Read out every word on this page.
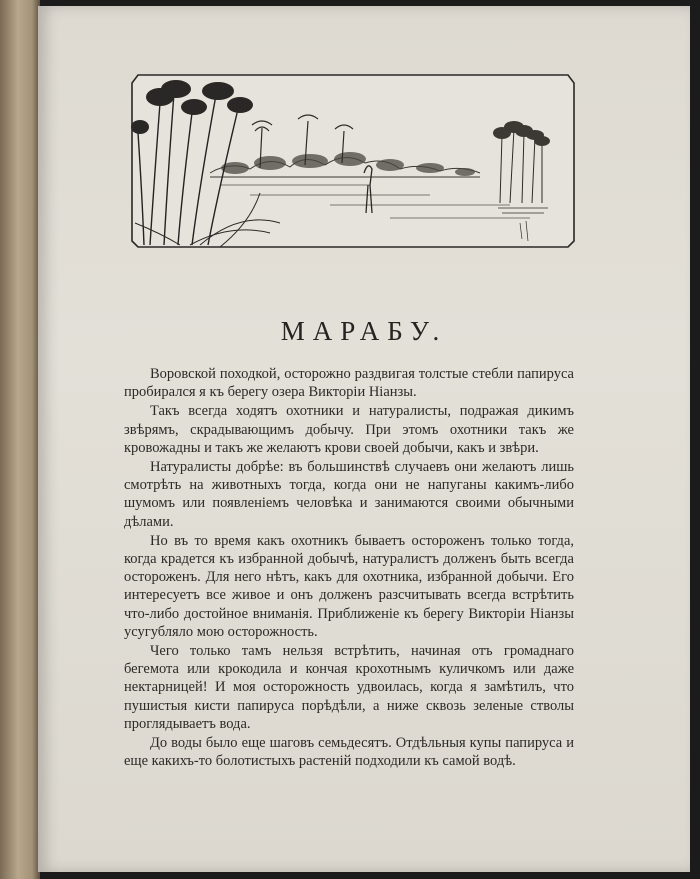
МАРАБУ.

Воровской походкой, осторожно раздвигая толстые стебли папируса пробирался я къ берегу озера Викторіи Ніанзы.

Такъ всегда ходятъ охотники и натуралисты, подражая дикимъ звѣрямъ, скрадывающимъ добычу. При этомъ охотники такъ же кровожадны и такъ же желаютъ крови своей добычи, какъ и звѣри.

Натуралисты добрѣе: въ большинствѣ случаевъ они желаютъ лишь смотрѣть на животныхъ тогда, когда они не напуганы какимъ-либо шумомъ или появленіемъ человѣка и занимаются своими обычными дѣлами.

Но въ то время какъ охотникъ бываетъ остороженъ только тогда, когда крадется къ избранной добычѣ, натуралистъ долженъ быть всегда остороженъ. Для него нѣтъ, какъ для охотника, избранной добычи. Его интересуетъ все живое и онъ долженъ разсчитывать всегда встрѣтить что-либо достойное вниманія. Приближеніе къ берегу Викторіи Ніанзы усугубляло мою осторожность.

Чего только тамъ нельзя встрѣтить, начиная отъ громаднаго бегемота или крокодила и кончая крохотнымъ куличкомъ или даже нектарницей! И моя осторожность удвоилась, когда я замѣтилъ, что пушистыя кисти папируса порѣдѣли, а ниже сквозь зеленые стволы проглядываетъ вода.

До воды было еще шаговъ семьдесятъ. Отдѣльныя купы папируса и еще какихъ-то болотистыхъ растеній подходили къ самой водѣ.
